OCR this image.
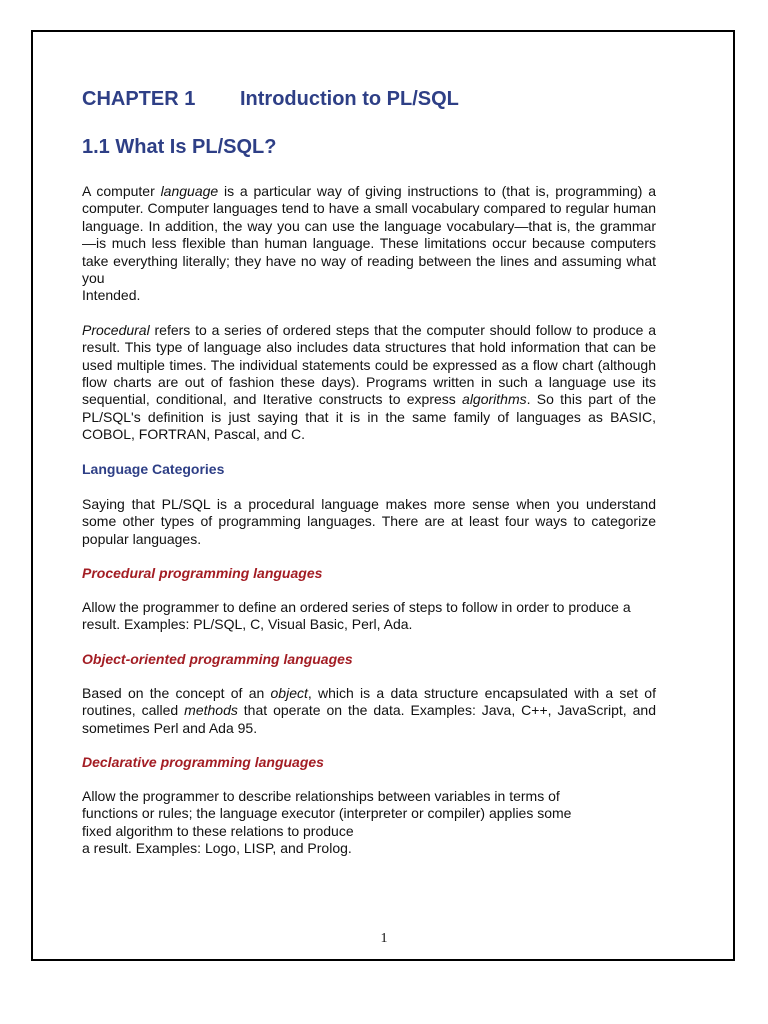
CHAPTER 1 Introduction to PL/SQL
1.1 What Is PL/SQL?

A computer language is a particular way of giving instructions to (that is, programming) a computer. Computer languages tend to have a small vocabulary compared to regular human language. In addition, the way you can use the language vocabulary—that is, the grammar—is much less flexible than human language. These limitations occur because computers take everything literally; they have no way of reading between the lines and assuming what you
Intended.

Procedural refers to a series of ordered steps that the computer should follow to produce a result. This type of language also includes data structures that hold information that can be used multiple times. The individual statements could be expressed as a flow chart (although flow charts are out of fashion these days). Programs written in such a language use its sequential, conditional, and Iterative constructs to express algorithms. So this part of the PL/SQL's definition is just saying that it is in the same family of languages as BASIC, COBOL, FORTRAN, Pascal, and C.

Language Categories

Saying that PL/SQL is a procedural language makes more sense when you understand some other types of programming languages. There are at least four ways to categorize popular languages.

Procedural programming languages

Allow the programmer to define an ordered series of steps to follow in order to produce a result. Examples: PL/SQL, C, Visual Basic, Perl, Ada.

Object-oriented programming languages

Based on the concept of an object, which is a data structure encapsulated with a set of routines, called methods that operate on the data. Examples: Java, C++, JavaScript, and sometimes Perl and Ada 95.

Declarative programming languages

Allow the programmer to describe relationships between variables in terms of
functions or rules; the language executor (interpreter or compiler) applies some
fixed algorithm to these relations to produce
a result. Examples: Logo, LISP, and Prolog.

1
